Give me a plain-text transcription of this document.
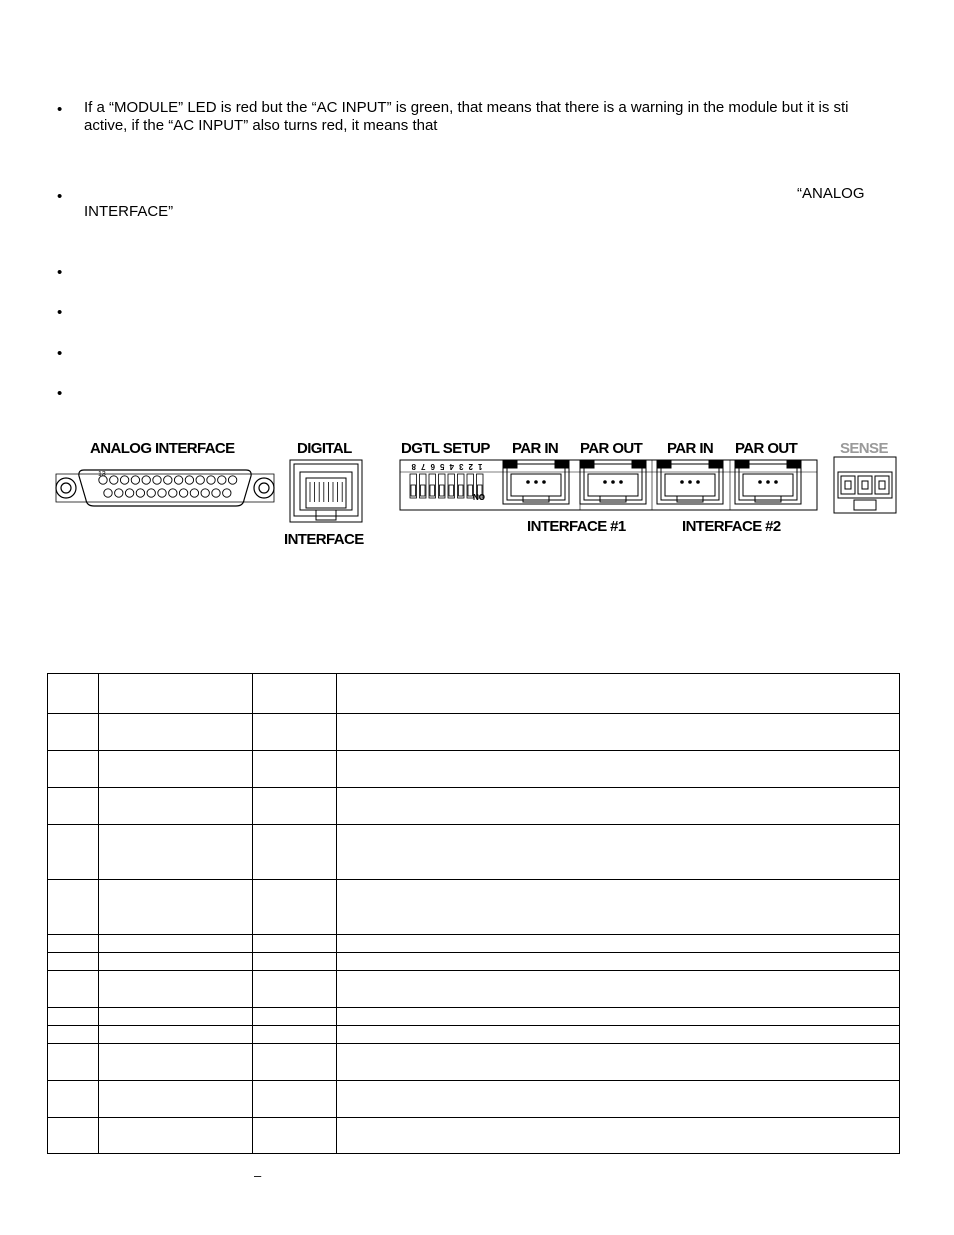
• If a “MODULE” LED is red but the “AC INPUT” is green, that means that there is a warning in the module but it is sti
active, if the “AC INPUT” also turns red, it means that
•	“ANALOG
INTERFACE”
•
•
•
•
ANALOG INTERFACE
13
DIGITAL
INTERFACE
DGTL SETUP PAR IN PAR OUT PAR IN PAR OUT
8 7 6 5 4 3 2 1
ON
INTERFACE #1	INTERFACE #2
SENSE

–
